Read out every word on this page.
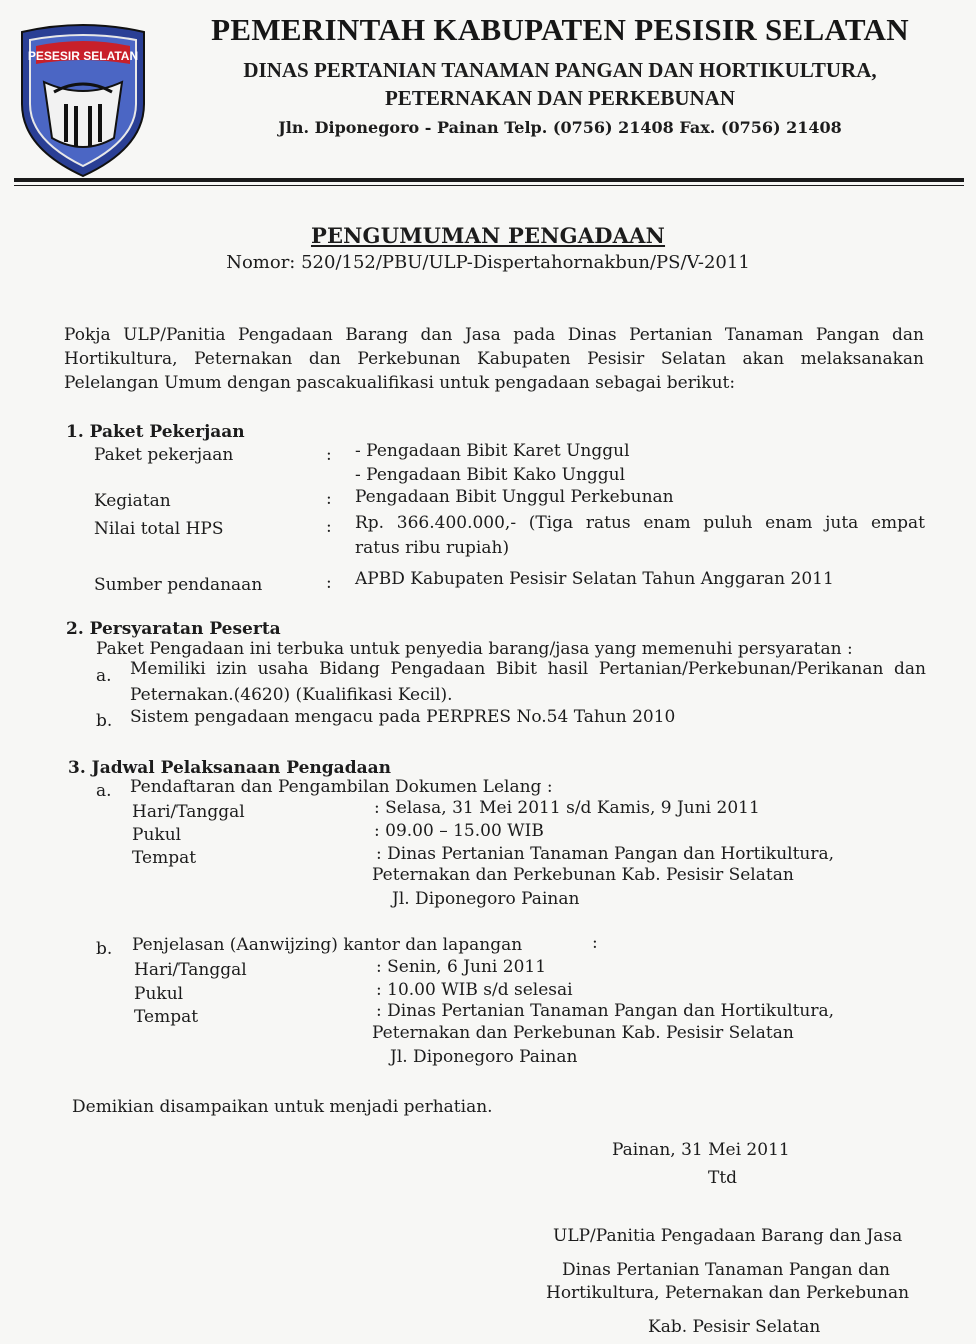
PESESIR SELATAN
PEMERINTAH KABUPATEN PESISIR SELATAN
DINAS PERTANIAN TANAMAN PANGAN DAN HORTIKULTURA,
PETERNAKAN DAN PERKEBUNAN
Jln. Diponegoro - Painan Telp. (0756) 21408 Fax. (0756) 21408
PENGUMUMAN PENGADAAN
Nomor: 520/152/PBU/ULP-Dispertahornakbun/PS/V-2011
Pokja ULP/Panitia Pengadaan Barang dan Jasa pada Dinas Pertanian Tanaman Pangan dan
Hortikultura, Peternakan dan Perkebunan Kabupaten Pesisir Selatan akan melaksanakan
Pelelangan Umum dengan pascakualifikasi untuk pengadaan sebagai berikut:
1. Paket Pekerjaan
Paket pekerjaan	: - Pengadaan Bibit Karet Unggul
- Pengadaan Bibit Kako Unggul
Kegiatan	: Pengadaan Bibit Unggul Perkebunan
Nilai total HPS	: Rp. 366.400.000,- (Tiga ratus enam puluh enam juta empat
ratus ribu rupiah)
Sumber pendanaan	: APBD Kabupaten Pesisir Selatan Tahun Anggaran 2011
2. Persyaratan Peserta
Paket Pengadaan ini terbuka untuk penyedia barang/jasa yang memenuhi persyaratan :
a. Memiliki izin usaha Bidang Pengadaan Bibit hasil Pertanian/Perkebunan/Perikanan dan
Peternakan.(4620) (Kualifikasi Kecil).
b. Sistem pengadaan mengacu pada PERPRES No.54 Tahun 2010
3. Jadwal Pelaksanaan Pengadaan
a. Pendaftaran dan Pengambilan Dokumen Lelang :
Hari/Tanggal	: Selasa, 31 Mei 2011 s/d Kamis, 9 Juni 2011
Pukul	: 09.00 – 15.00 WIB
Tempat	: Dinas Pertanian Tanaman Pangan dan Hortikultura,
Peternakan dan Perkebunan Kab. Pesisir Selatan
Jl. Diponegoro Painan
b. Penjelasan (Aanwijzing) kantor dan lapangan	:
Hari/Tanggal	: Senin, 6 Juni 2011
Pukul	: 10.00 WIB s/d selesai
Tempat	: Dinas Pertanian Tanaman Pangan dan Hortikultura,
Peternakan dan Perkebunan Kab. Pesisir Selatan
Jl. Diponegoro Painan
Demikian disampaikan untuk menjadi perhatian.
Painan, 31 Mei 2011
Ttd
ULP/Panitia Pengadaan Barang dan Jasa
Dinas Pertanian Tanaman Pangan dan
Hortikultura, Peternakan dan Perkebunan
Kab. Pesisir Selatan
